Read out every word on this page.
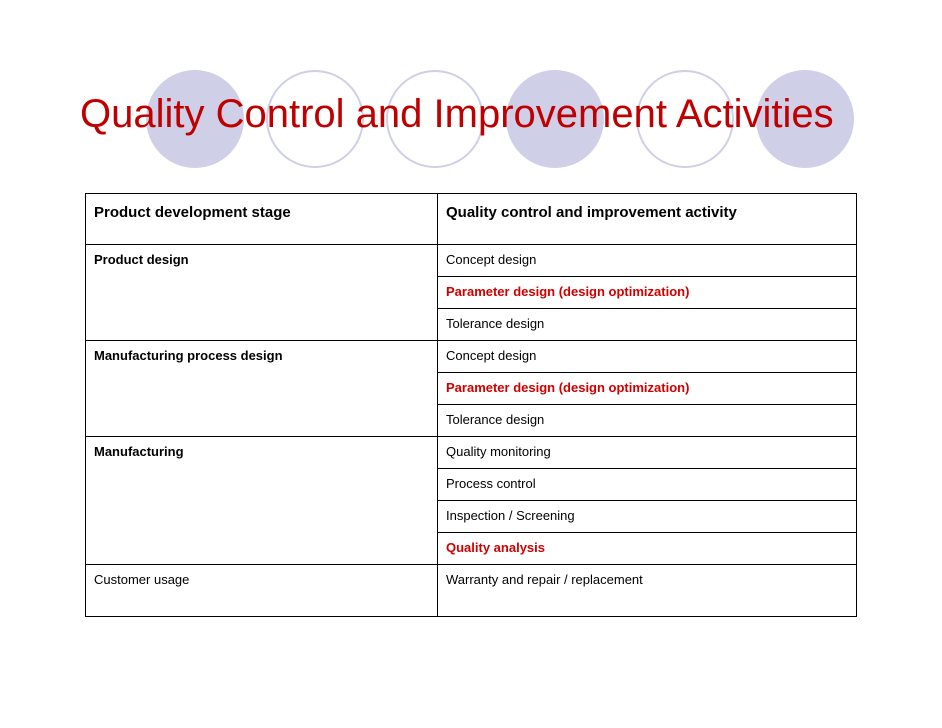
Quality Control and Improvement Activities
Product development stage	Quality control and improvement activity
Product design	Concept design
	Parameter design (design optimization)
	Tolerance design
Manufacturing process design	Concept design
	Parameter design (design optimization)
	Tolerance design
Manufacturing	Quality monitoring
	Process control
	Inspection / Screening
	Quality analysis
Customer usage	Warranty and repair / replacement
